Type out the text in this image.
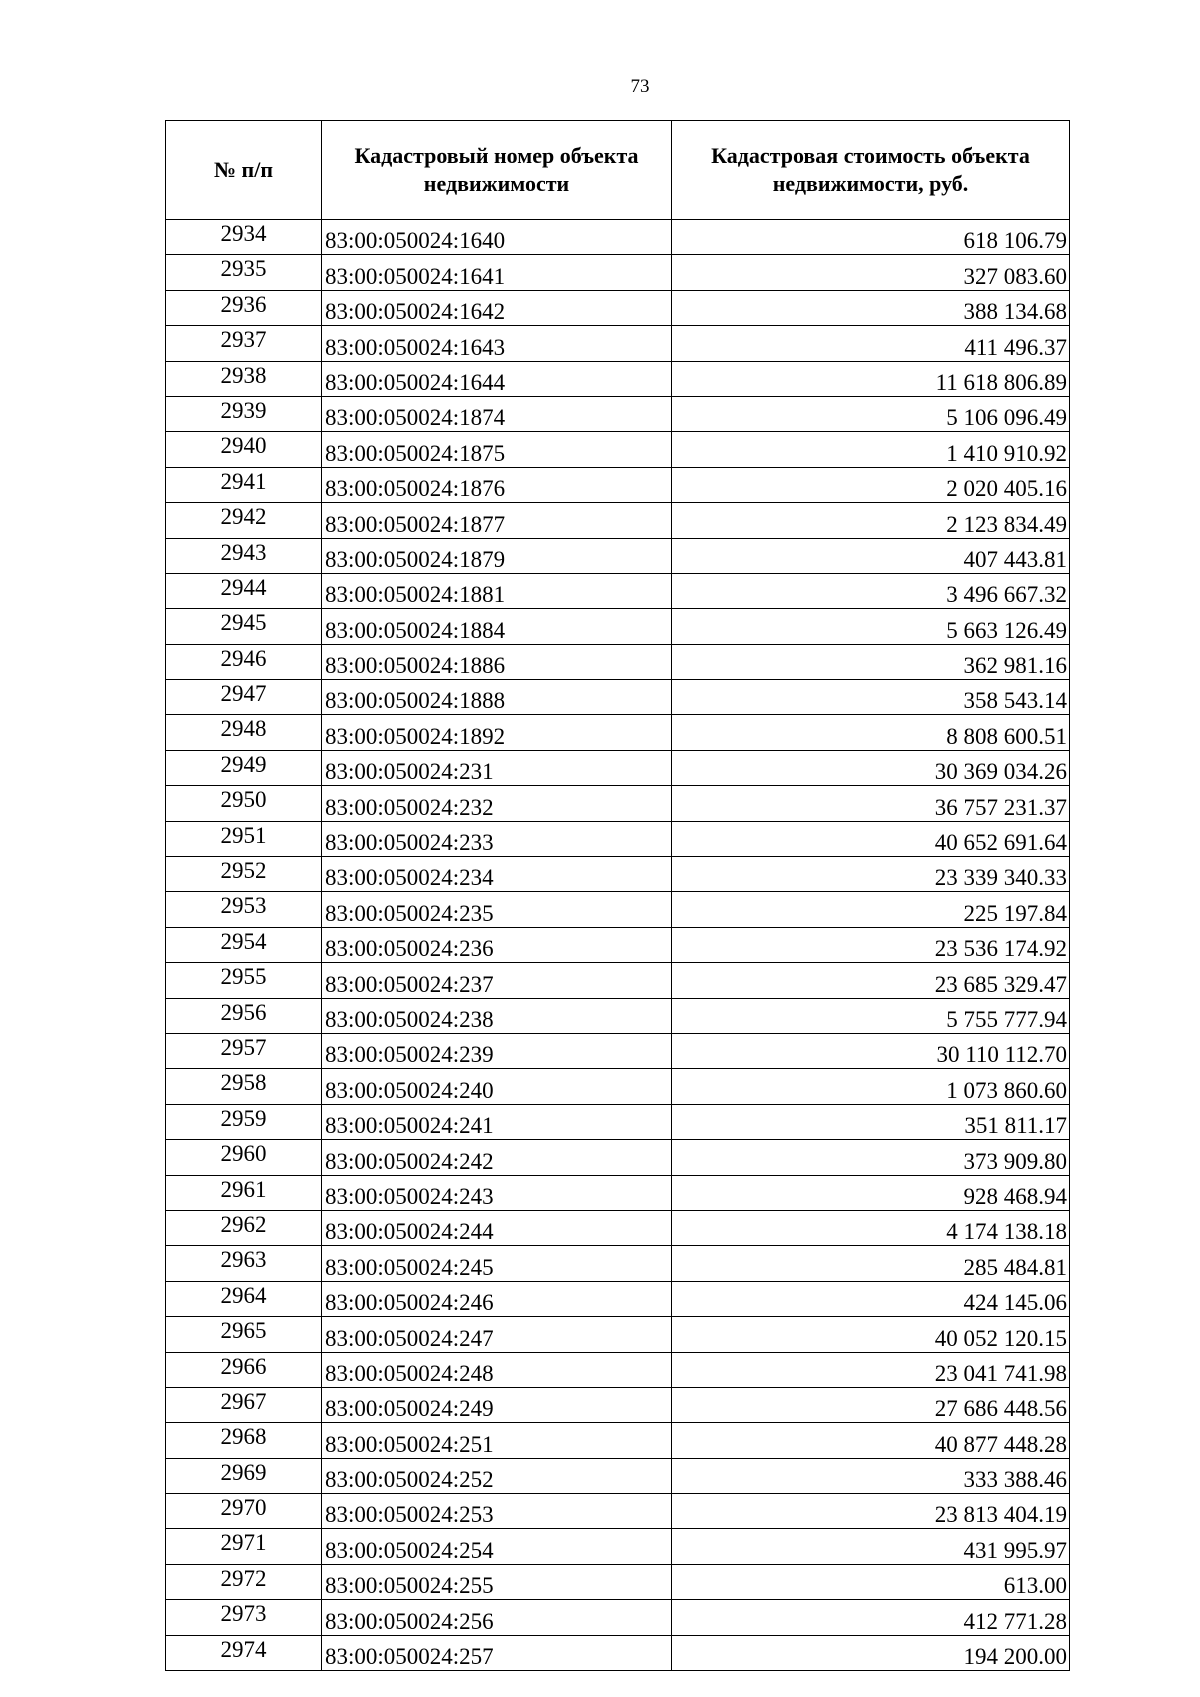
73
№ п/п	Кадастровый номер объекта недвижимости	Кадастровая стоимость объекта недвижимости, руб.
2934	83:00:050024:1640	618 106.79
2935	83:00:050024:1641	327 083.60
2936	83:00:050024:1642	388 134.68
2937	83:00:050024:1643	411 496.37
2938	83:00:050024:1644	11 618 806.89
2939	83:00:050024:1874	5 106 096.49
2940	83:00:050024:1875	1 410 910.92
2941	83:00:050024:1876	2 020 405.16
2942	83:00:050024:1877	2 123 834.49
2943	83:00:050024:1879	407 443.81
2944	83:00:050024:1881	3 496 667.32
2945	83:00:050024:1884	5 663 126.49
2946	83:00:050024:1886	362 981.16
2947	83:00:050024:1888	358 543.14
2948	83:00:050024:1892	8 808 600.51
2949	83:00:050024:231	30 369 034.26
2950	83:00:050024:232	36 757 231.37
2951	83:00:050024:233	40 652 691.64
2952	83:00:050024:234	23 339 340.33
2953	83:00:050024:235	225 197.84
2954	83:00:050024:236	23 536 174.92
2955	83:00:050024:237	23 685 329.47
2956	83:00:050024:238	5 755 777.94
2957	83:00:050024:239	30 110 112.70
2958	83:00:050024:240	1 073 860.60
2959	83:00:050024:241	351 811.17
2960	83:00:050024:242	373 909.80
2961	83:00:050024:243	928 468.94
2962	83:00:050024:244	4 174 138.18
2963	83:00:050024:245	285 484.81
2964	83:00:050024:246	424 145.06
2965	83:00:050024:247	40 052 120.15
2966	83:00:050024:248	23 041 741.98
2967	83:00:050024:249	27 686 448.56
2968	83:00:050024:251	40 877 448.28
2969	83:00:050024:252	333 388.46
2970	83:00:050024:253	23 813 404.19
2971	83:00:050024:254	431 995.97
2972	83:00:050024:255	613.00
2973	83:00:050024:256	412 771.28
2974	83:00:050024:257	194 200.00
